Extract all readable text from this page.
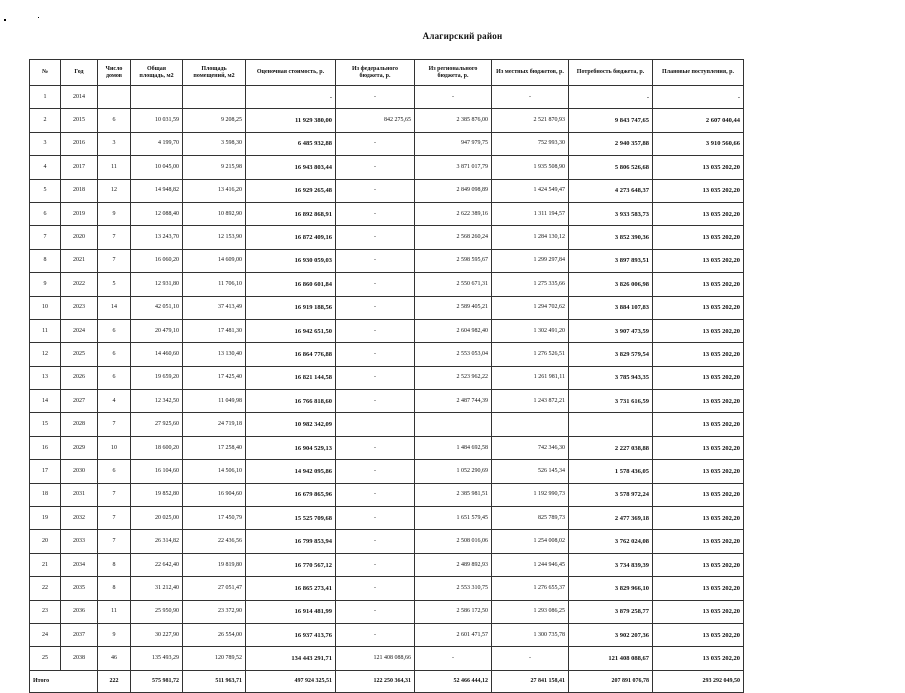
Алагирский район
№	Год	Число домов	Общая площадь, м2	Площадь помещений, м2	Оценочная стоимость, р.	Из федерального бюджета, р.	Из регионального бюджета, р.	Из местных бюджетов, р.	Потребность бюджета, р.	Плановые поступления, р.
1	2014				-	-	-	-	-	-
2	2015	6	10 031,59	9 208,25	11 929 380,00	842 275,65	2 385 876,00	2 521 870,93	9 843 747,65	2 607 040,44
3	2016	3	4 199,70	3 598,30	6 485 932,88	-	947 979,75	752 993,30	2 940 357,88	3 910 560,66
4	2017	11	10 045,00	9 215,98	16 943 803,44	-	3 871 017,79	1 935 508,90	5 806 526,68	13 035 202,20
5	2018	12	14 948,82	13 416,20	16 929 265,48	-	2 849 098,89	1 424 549,47	4 273 648,37	13 035 202,20
6	2019	9	12 088,40	10 892,90	16 892 868,91	-	2 622 389,16	1 311 194,57	3 933 583,73	13 035 202,20
7	2020	7	13 243,70	12 153,90	16 872 409,16	-	2 568 260,24	1 284 130,12	3 852 390,36	13 035 202,20
8	2021	7	16 060,20	14 609,00	16 930 059,03	-	2 598 595,67	1 299 297,84	3 897 893,51	13 035 202,20
9	2022	5	12 931,80	11 706,10	16 860 601,84	-	2 550 671,31	1 275 335,66	3 826 006,98	13 035 202,20
10	2023	14	42 051,10	37 413,49	16 919 188,56	-	2 589 405,21	1 294 702,62	3 884 107,83	13 035 202,20
11	2024	6	20 479,10	17 481,30	16 942 651,50	-	2 604 982,40	1 302 491,20	3 907 473,59	13 035 202,20
12	2025	6	14 460,60	13 130,40	16 864 776,88	-	2 553 053,04	1 276 526,51	3 829 579,54	13 035 202,20
13	2026	6	19 659,20	17 425,40	16 821 144,58	-	2 523 962,22	1 261 981,11	3 785 943,35	13 035 202,20
14	2027	4	12 342,50	11 049,98	16 766 818,60	-	2 487 744,39	1 243 872,21	3 731 616,59	13 035 202,20
15	2028	7	27 925,60	24 719,18	10 982 342,09					13 035 202,20
16	2029	10	18 600,20	17 258,40	16 904 529,13	-	1 484 692,58	742 346,30	2 227 038,88	13 035 202,20
17	2030	6	16 104,60	14 506,10	14 942 095,86	-	1 052 290,69	526 145,34	1 578 436,05	13 035 202,20
18	2031	7	19 852,80	16 904,60	16 679 865,96	-	2 385 981,51	1 192 990,73	3 578 972,24	13 035 202,20
19	2032	7	20 025,00	17 450,79	15 525 709,68	-	1 651 579,45	825 789,73	2 477 369,18	13 035 202,20
20	2033	7	26 314,82	22 436,56	16 799 853,94	-	2 508 016,06	1 254 008,02	3 762 024,08	13 035 202,20
21	2034	8	22 642,40	19 819,80	16 770 567,12	-	2 489 892,93	1 244 946,45	3 734 839,39	13 035 202,20
22	2035	8	31 212,40	27 051,47	16 865 273,41	-	2 553 310,75	1 276 655,37	3 829 966,10	13 035 202,20
23	2036	11	25 950,90	23 372,90	16 914 481,99	-	2 586 172,50	1 293 086,25	3 879 258,77	13 035 202,20
24	2037	9	30 227,90	26 554,00	16 937 413,76	-	2 601 471,57	1 300 735,78	3 902 207,36	13 035 202,20
25	2038	46	135 493,29	120 789,52	134 443 291,71	121 408 088,66	-	-	121 408 088,67	13 035 202,20
Итого		222	575 981,72	511 963,71	497 924 325,51	122 250 364,31	52 466 444,12	27 841 158,41	207 891 076,78	293 292 049,50
